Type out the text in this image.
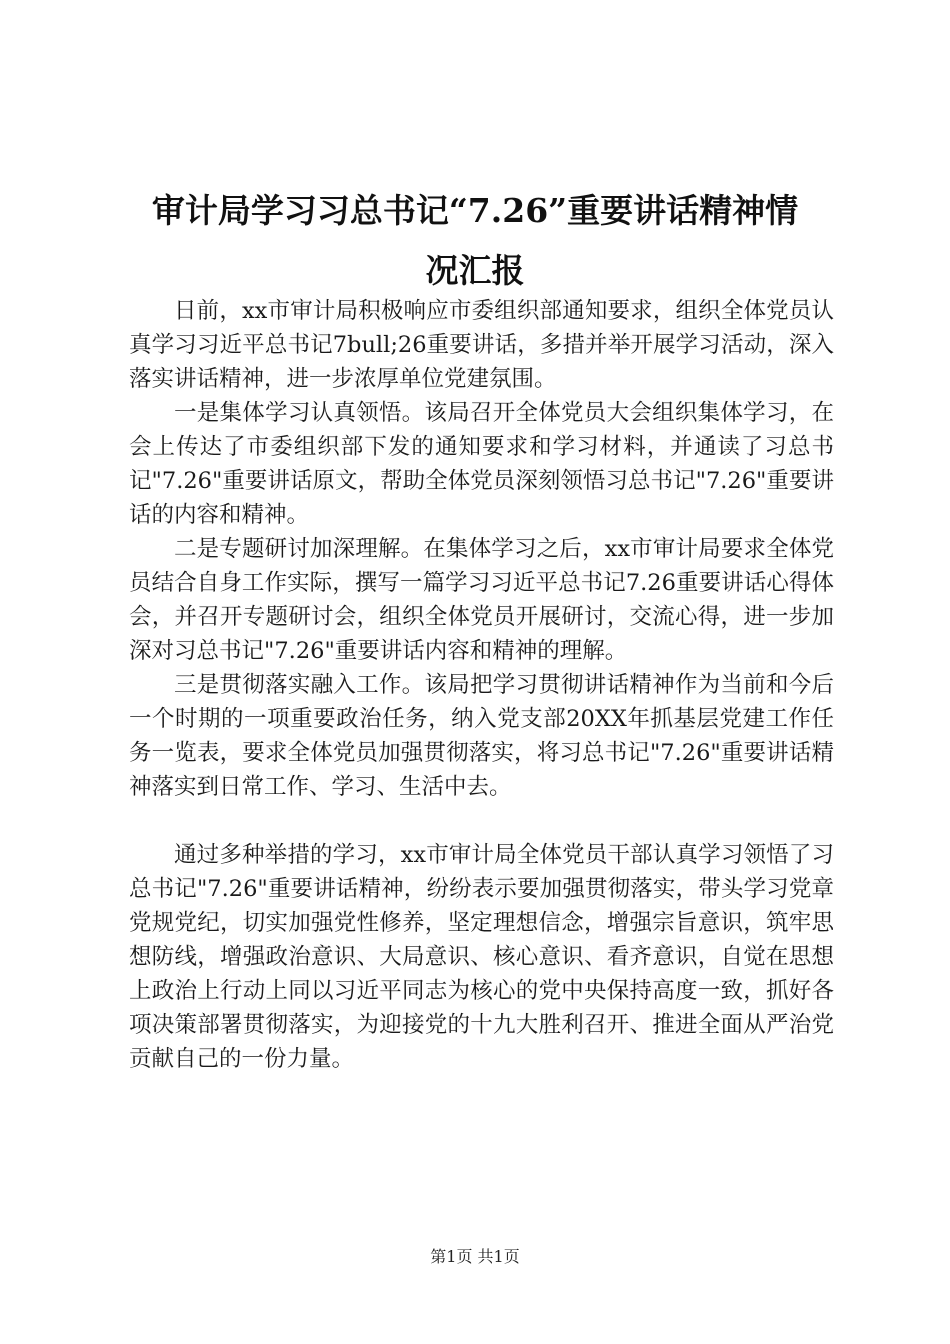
审计局学习习总书记“7.26”重要讲话精神情
况汇报

日前，xx市审计局积极响应市委组织部通知要求，组织全体党员认真学习习近平总书记7bull;26重要讲话，多措并举开展学习活动，深入落实讲话精神，进一步浓厚单位党建氛围。

一是集体学习认真领悟。该局召开全体党员大会组织集体学习，在会上传达了市委组织部下发的通知要求和学习材料，并通读了习总书记"7.26"重要讲话原文，帮助全体党员深刻领悟习总书记"7.26"重要讲话的内容和精神。

二是专题研讨加深理解。在集体学习之后，xx市审计局要求全体党员结合自身工作实际，撰写一篇学习习近平总书记7.26重要讲话心得体会，并召开专题研讨会，组织全体党员开展研讨，交流心得，进一步加深对习总书记"7.26"重要讲话内容和精神的理解。

三是贯彻落实融入工作。该局把学习贯彻讲话精神作为当前和今后一个时期的一项重要政治任务，纳入党支部20XX年抓基层党建工作任务一览表，要求全体党员加强贯彻落实，将习总书记"7.26"重要讲话精神落实到日常工作、学习、生活中去。

通过多种举措的学习，xx市审计局全体党员干部认真学习领悟了习总书记"7.26"重要讲话精神，纷纷表示要加强贯彻落实，带头学习党章党规党纪，切实加强党性修养，坚定理想信念，增强宗旨意识，筑牢思想防线，增强政治意识、大局意识、核心意识、看齐意识，自觉在思想上政治上行动上同以习近平同志为核心的党中央保持高度一致，抓好各项决策部署贯彻落实，为迎接党的十九大胜利召开、推进全面从严治党贡献自己的一份力量。

第1页 共1页
